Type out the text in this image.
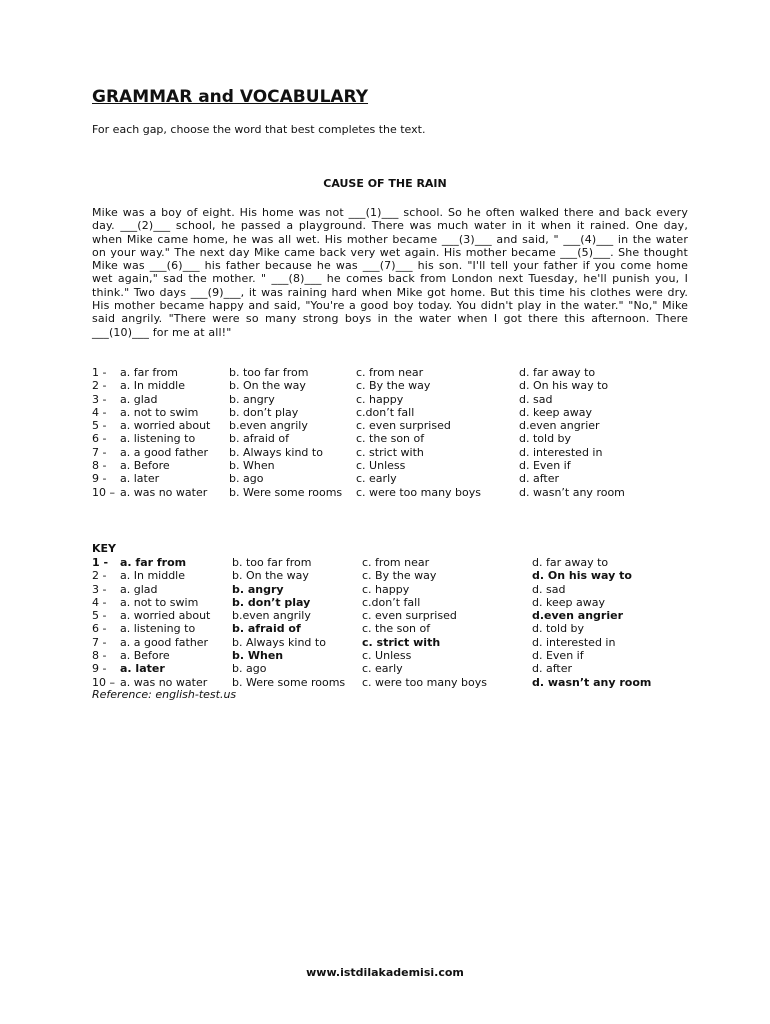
GRAMMAR and VOCABULARY
For each gap, choose the word that best completes the text.
CAUSE OF THE RAIN

Mike was a boy of eight. His home was not ___(1)___ school. So he often walked there and back every day. ___(2)___ school, he passed a playground. There was much water in it when it rained. One day, when Mike came home, he was all wet. His mother became ___(3)___ and said, " ___(4)___ in the water on your way." The next day Mike came back very wet again. His mother became ___(5)___. She thought Mike was ___(6)___ his father because he was ___(7)___ his son. "I'll tell your father if you come home wet again," sad the mother. " ___(8)___ he comes back from London next Tuesday, he'll punish you, I think." Two days ___(9)___, it was raining hard when Mike got home. But this time his clothes were dry. His mother became happy and said, "You're a good boy today. You didn't play in the water." "No," Mike said angrily. "There were so many strong boys in the water when I got there this afternoon. There ___(10)___ for me at all!"

1 - a. far from	b. too far from	c. from near	d. far away to
2 - a. In middle	b. On the way	c. By the way	d. On his way to
3 - a. glad	b. angry	c. happy	d. sad
4 - a. not to swim	b. don’t play	c.don’t fall	d. keep away
5 - a. worried about b.even angrily	c. even surprised	d.even angrier
6 - a. listening to	b. afraid of	c. the son of	d. told by
7 - a. a good father b. Always kind to	c. strict with	d. interested in
8 - a. Before	b. When	c. Unless	d. Even if
9 - a. later	b. ago	c. early	d. after
10 – a. was no water b. Were some rooms c. were too many boys	d. wasn’t any room
KEY
1 - a. far from	b. too far from	c. from near	d. far away to
2 - a. In middle	b. On the way	c. By the way	d. On his way to
3 - a. glad	b. angry	c. happy	d. sad
4 - a. not to swim	b. don’t play	c.don’t fall	d. keep away
5 - a. worried about b.even angrily	c. even surprised	d.even angrier
6 - a. listening to	b. afraid of	c. the son of	d. told by
7 - a. a good father b. Always kind to	c. strict with	d. interested in
8 - a. Before	b. When	c. Unless	d. Even if
9 - a. later	b. ago	c. early	d. after
10 – a. was no water b. Were some rooms c. were too many boys	d. wasn’t any room
Reference: english-test.us
www.istdilakademisi.com
